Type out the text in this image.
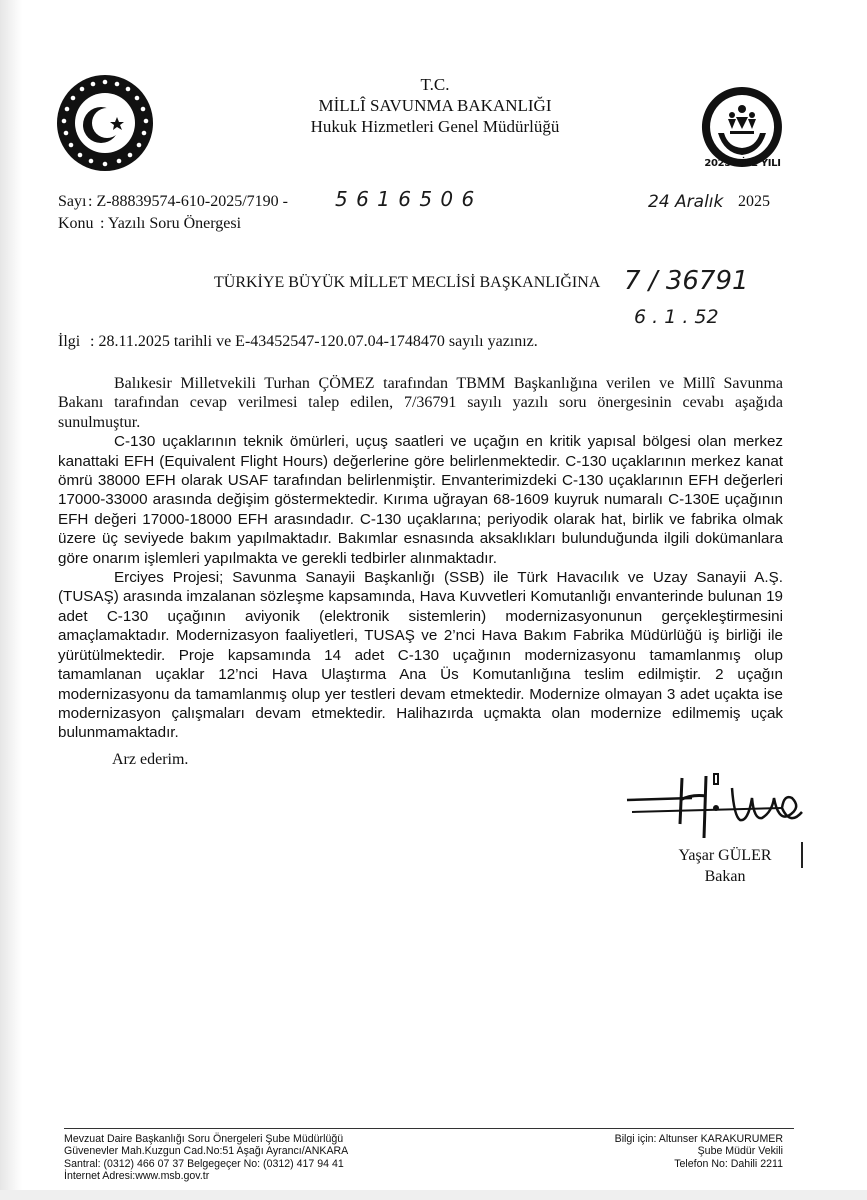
T.C.
MİLLÎ SAVUNMA BAKANLIĞI
Hukuk Hizmetleri Genel Müdürlüğü
2025 AİLE YILI
Sayı : Z-88839574-610-2025/7190 - 5 6 1 6 5 0 6	24 Aralık 2025
Konu : Yazılı Soru Önergesi
TÜRKİYE BÜYÜK MİLLET MECLİSİ BAŞKANLIĞINA 7 / 36791
6 . 1 . 52
İlgi : 28.11.2025 tarihli ve E-43452547-120.07.04-1748470 sayılı yazınız.

Balıkesir Milletvekili Turhan ÇÖMEZ tarafından TBMM Başkanlığına verilen ve Millî Savunma Bakanı tarafından cevap verilmesi talep edilen, 7/36791 sayılı yazılı soru önergesinin cevabı aşağıda sunulmuştur.

C-130 uçaklarının teknik ömürleri, uçuş saatleri ve uçağın en kritik yapısal bölgesi olan merkez kanattaki EFH (Equivalent Flight Hours) değerlerine göre belirlenmektedir. C-130 uçaklarının merkez kanat ömrü 38000 EFH olarak USAF tarafından belirlenmiştir. Envanterimizdeki C-130 uçaklarının EFH değerleri 17000-33000 arasında değişim göstermektedir. Kırıma uğrayan 68-1609 kuyruk numaralı C-130E uçağının EFH değeri 17000-18000 EFH arasındadır. C-130 uçaklarına; periyodik olarak hat, birlik ve fabrika olmak üzere üç seviyede bakım yapılmaktadır. Bakımlar esnasında aksaklıkları bulunduğunda ilgili dokümanlara göre onarım işlemleri yapılmakta ve gerekli tedbirler alınmaktadır.

Erciyes Projesi; Savunma Sanayii Başkanlığı (SSB) ile Türk Havacılık ve Uzay Sanayii A.Ş. (TUSAŞ) arasında imzalanan sözleşme kapsamında, Hava Kuvvetleri Komutanlığı envanterinde bulunan 19 adet C-130 uçağının aviyonik (elektronik sistemlerin) modernizasyonunun gerçekleştirmesini amaçlamaktadır. Modernizasyon faaliyetleri, TUSAŞ ve 2’nci Hava Bakım Fabrika Müdürlüğü iş birliği ile yürütülmektedir. Proje kapsamında 14 adet C-130 uçağının modernizasyonu tamamlanmış olup tamamlanan uçaklar 12’nci Hava Ulaştırma Ana Üs Komutanlığına teslim edilmiştir. 2 uçağın modernizasyonu da tamamlanmış olup yer testleri devam etmektedir. Modernize olmayan 3 adet uçakta ise modernizasyon çalışmaları devam etmektedir. Halihazırda uçmakta olan modernize edilmemiş uçak bulunmamaktadır.

Arz ederim.
Yaşar GÜLER
Bakan
Mevzuat Daire Başkanlığı Soru Önergeleri Şube Müdürlüğü
Güvenevler Mah.Kuzgun Cad.No:51 Aşağı Ayrancı/ANKARA
Santral: (0312) 466 07 37 Belgegeçer No: (0312) 417 94 41
İnternet Adresi:www.msb.gov.tr
Bilgi için: Altunser KARAKURUMER
Şube Müdür Vekili
Telefon No: Dahili 2211
